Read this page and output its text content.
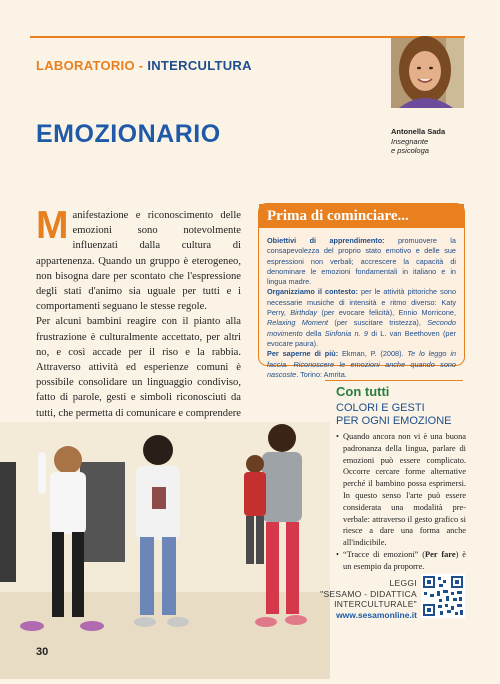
LABORATORIO - INTERCULTURA
Antonella Sada
Insegnante
e psicologa
EMOZIONARIO
M anifestazione e riconoscimento delle emozioni sono notevolmente influenzati dalla cultura di appartenenza. Quando un gruppo è eterogeneo, non bisogna dare per scontato che l'espressione degli stati d'animo sia uguale per tutti e i comportamenti seguano le stesse regole.

Per alcuni bambini reagire con il pianto alla frustrazione è culturalmente accettato, per altri no, e così accade per il riso e la rabbia. Attraverso attività ed esperienze comuni è possibile consolidare un linguaggio condiviso, fatto di parole, gesti e simboli riconosciuti da tutti, che permetta di comunicare e comprendere

Prima di cominciare...
Obiettivi di apprendimento: promuovere la consapevolezza del proprio stato emotivo e delle sue espressioni non verbali; accrescere la capacità di denominare le emozioni fondamentali in italiano e in lingua madre.
Organizziamo il contesto: per le attività pittoriche sono necessarie musiche di intensità e ritmo diverso: Katy Perry, Birthday (per evocare felicità), Ennio Morricone, Relaxing Moment (per suscitare tristezza), Secondo movimento della Sinfonia n. 9 di L. van Beethoven (per evocare paura).
Per saperne di più: Ekman, P. (2008). Te lo leggo in faccia. Riconoscere le emozioni anche quando sono nascoste. Torino: Amrita.
Con tutti
COLORI E GESTI
PER OGNI EMOZIONE
• Quando ancora non vi è una buona padronanza della lingua, parlare di emozioni può essere complicato. Occorre cercare forme alternative perché il bambino possa esprimersi. In questo senso l'arte può essere considerata una modalità pre-verbale: attraverso il gesto grafico si riesce a dare una forma anche all'indicibile.
• “Tracce di emozioni” (Per fare) è un esempio da proporre.
LEGGI
"SESAMO - DIDATTICA
INTERCULTURALE"
www.sesamonline.it
30
